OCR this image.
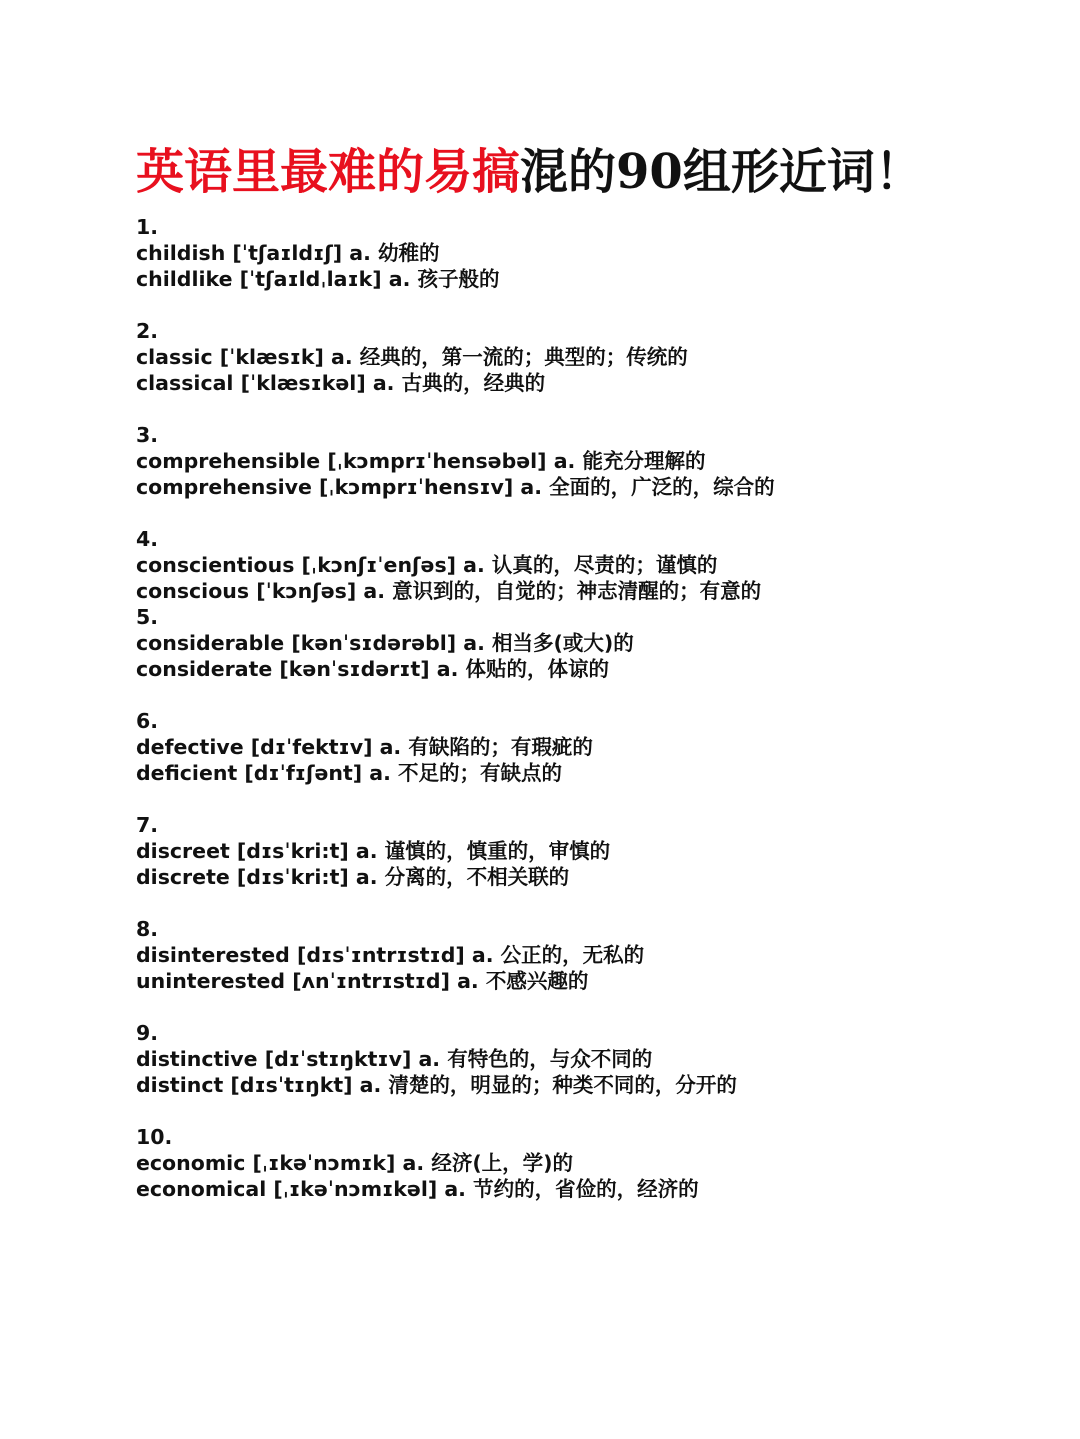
英语里最难的易搞混的90组形近词！
1.
childish [ˈtʃaɪldɪʃ] a. 幼稚的
childlike [ˈtʃaɪldˌlaɪk] a. 孩子般的
2.
classic [ˈklæsɪk] a. 经典的，第一流的；典型的；传统的
classical [ˈklæsɪkəl] a. 古典的，经典的
3.
comprehensible [ˌkɔmprɪˈhensəbəl] a. 能充分理解的
comprehensive [ˌkɔmprɪˈhensɪv] a. 全面的，广泛的，综合的
4.
conscientious [ˌkɔnʃɪˈenʃəs] a. 认真的，尽责的；谨慎的
conscious [ˈkɔnʃəs] a. 意识到的，自觉的；神志清醒的；有意的
5.
considerable [kənˈsɪdərəbl] a. 相当多(或大)的
considerate [kənˈsɪdərɪt] a. 体贴的，体谅的
6.
defective [dɪˈfektɪv] a. 有缺陷的；有瑕疵的
deficient [dɪˈfɪʃənt] a. 不足的；有缺点的
7.
discreet [dɪsˈkri:t] a. 谨慎的，慎重的，审慎的
discrete [dɪsˈkri:t] a. 分离的，不相关联的
8.
disinterested [dɪsˈɪntrɪstɪd] a. 公正的，无私的
uninterested [ʌnˈɪntrɪstɪd] a. 不感兴趣的
9.
distinctive [dɪˈstɪŋktɪv] a. 有特色的，与众不同的
distinct [dɪsˈtɪŋkt] a. 清楚的，明显的；种类不同的，分开的
10.
economic [ˌɪkəˈnɔmɪk] a. 经济(上，学)的
economical [ˌɪkəˈnɔmɪkəl] a. 节约的，省俭的，经济的
